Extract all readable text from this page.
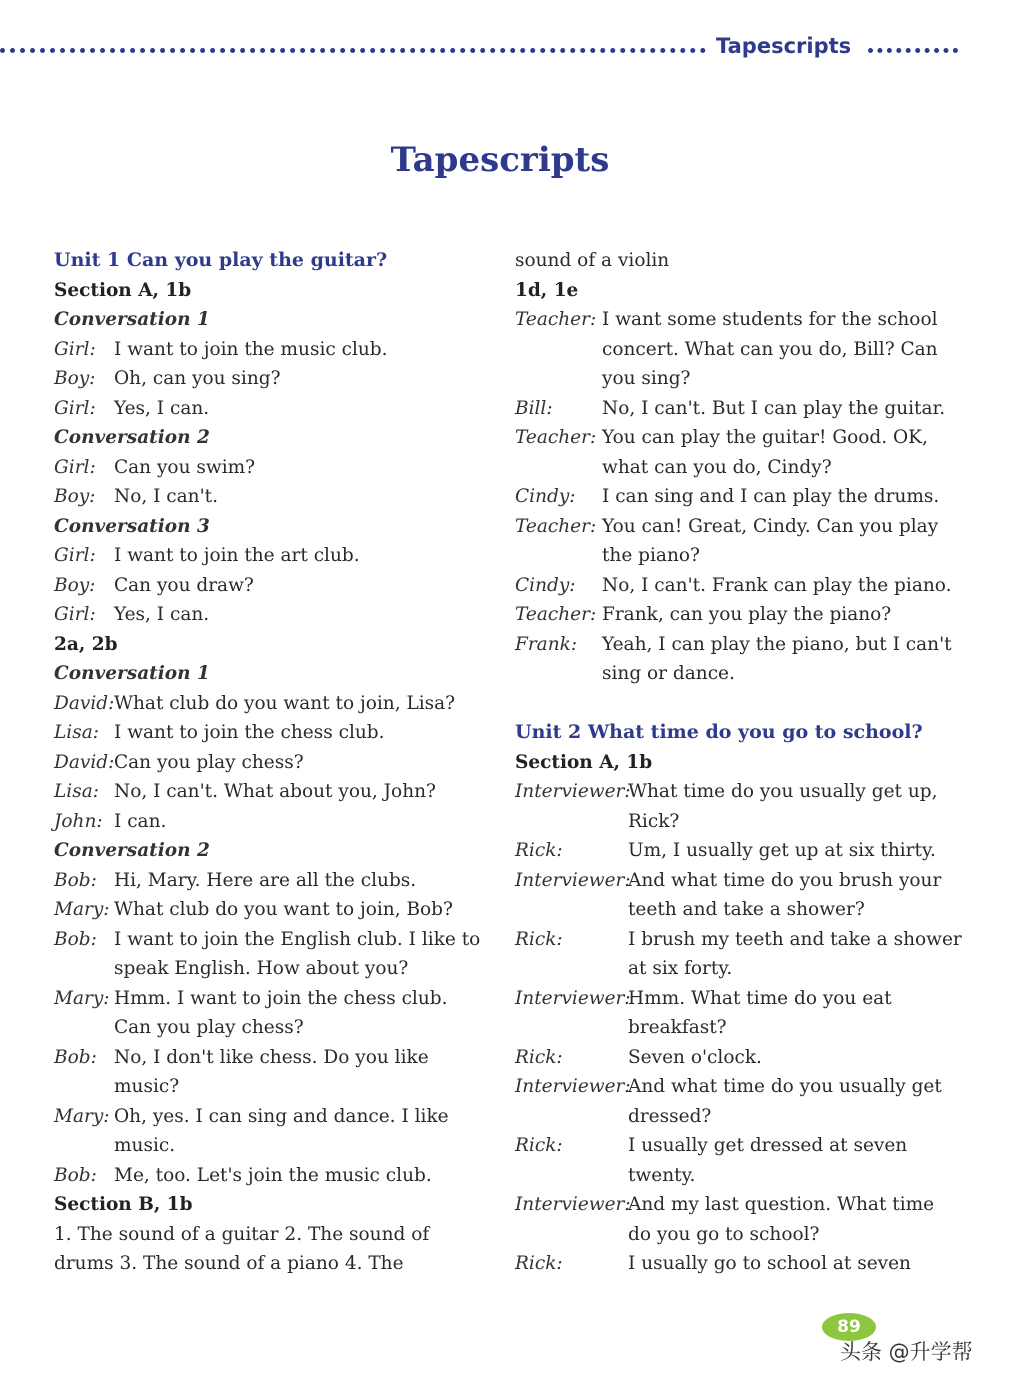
Tapescripts
Tapescripts
Unit 1 Can you play the guitar?
Section A, 1b
Conversation 1
Girl: I want to join the music club.
Boy:	Oh, can you sing?
Girl: Yes, I can.
Conversation 2
Girl: Can you swim?
Boy:	No, I can't.
Conversation 3
Girl: I want to join the art club.
Boy:	Can you draw?
Girl: Yes, I can.
2a, 2b
Conversation 1
David: What club do you want to join, Lisa?
Lisa: I want to join the chess club.
David: Can you play chess?
Lisa: No, I can't. What about you, John?
John: I can.
Conversation 2
Bob: Hi, Mary. Here are all the clubs.
Mary: What club do you want to join, Bob?
Bob: I want to join the English club. I like to
speak English. How about you?
Mary: Hmm. I want to join the chess club.
Can you play chess?
Bob: No, I don't like chess. Do you like
music?
Mary: Oh, yes. I can sing and dance. I like
music.
Bob: Me, too. Let's join the music club.
Section B, 1b
1. The sound of a guitar 2. The sound of
drums 3. The sound of a piano 4. The
sound of a violin
1d, 1e
Teacher: I want some students for the school
concert. What can you do, Bill? Can
you sing?
Bill:	No, I can't. But I can play the guitar.
Teacher: You can play the guitar! Good. OK,
what can you do, Cindy?
Cindy:	I can sing and I can play the drums.
Teacher: You can! Great, Cindy. Can you play
the piano?
Cindy:	No, I can't. Frank can play the piano.
Teacher: Frank, can you play the piano?
Frank:	Yeah, I can play the piano, but I can't
sing or dance.
Unit 2 What time do you go to school?
Section A, 1b
Interviewer:
What time do you usually get up,
Rick?
Rick:	Um, I usually get up at six thirty.
Interviewer:
And what time do you brush your
teeth and take a shower?
Rick:	I brush my teeth and take a shower
at six forty.
Interviewer:
Hmm. What time do you eat
breakfast?
Rick:	Seven o'clock.
Interviewer:
And what time do you usually get
dressed?
Rick:	I usually get dressed at seven
twenty.
Interviewer:
And my last question. What time
do you go to school?
Rick:	I usually go to school at seven
89
头条 @升学帮
